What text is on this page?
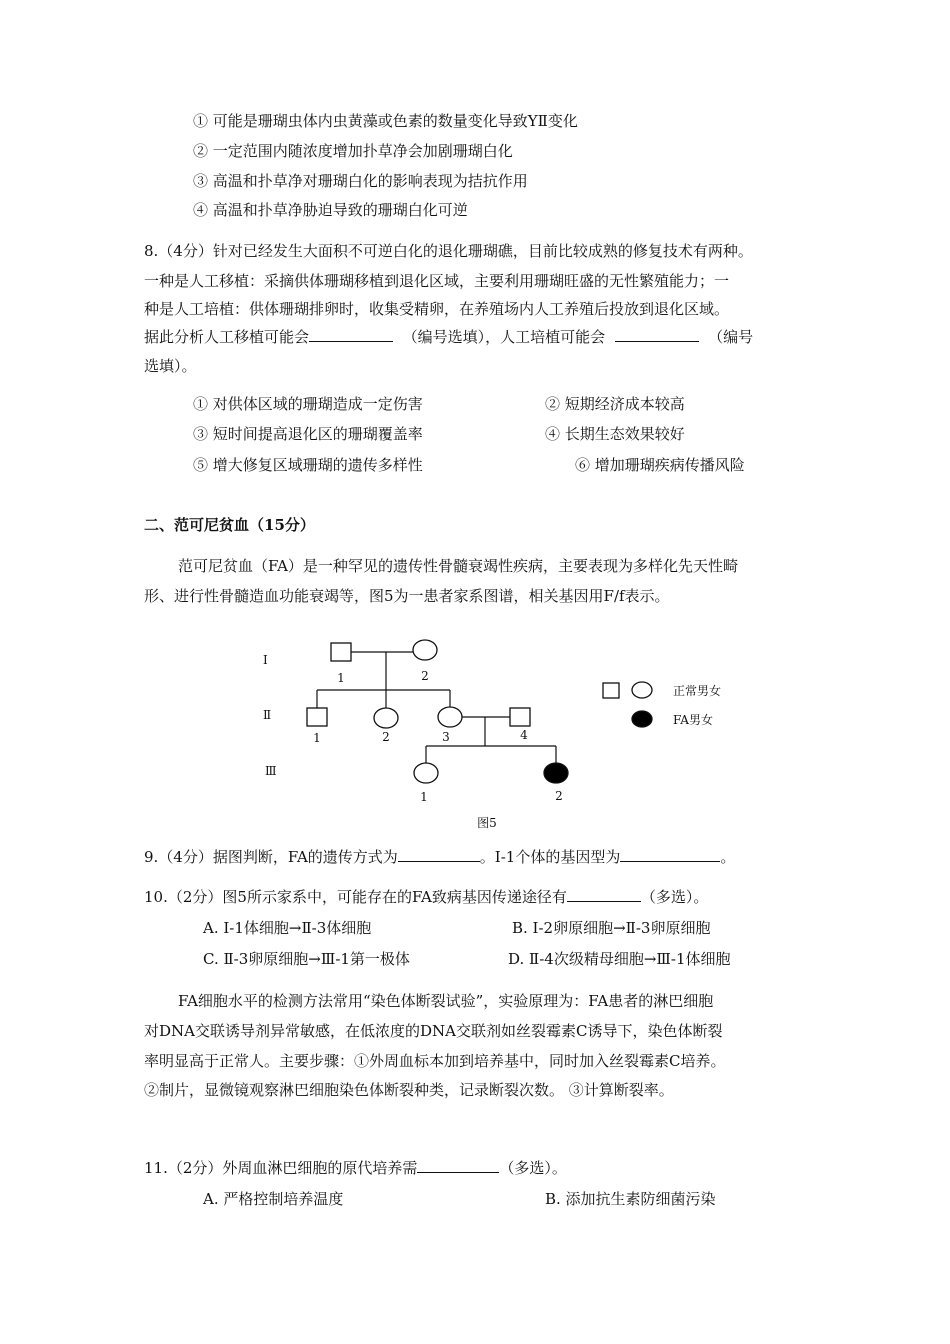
① 可能是珊瑚虫体内虫黄藻或色素的数量变化导致YⅡ变化
② 一定范围内随浓度增加扑草净会加剧珊瑚白化
③ 高温和扑草净对珊瑚白化的影响表现为拮抗作用
④ 高温和扑草净胁迫导致的珊瑚白化可逆
8.（4分）针对已经发生大面积不可逆白化的退化珊瑚礁，目前比较成熟的修复技术有两种。
一种是人工移植：采摘供体珊瑚移植到退化区域，主要利用珊瑚旺盛的无性繁殖能力；一
种是人工培植：供体珊瑚排卵时，收集受精卵，在养殖场内人工养殖后投放到退化区域。
据此分析人工移植可能会	（编号选填），人工培植可能会	（编号
选填）。
① 对供体区域的珊瑚造成一定伤害	② 短期经济成本较高
③ 短时间提高退化区的珊瑚覆盖率	④ 长期生态效果较好
⑤ 增大修复区域珊瑚的遗传多样性	⑥ 增加珊瑚疾病传播风险
二、范可尼贫血（15分）
范可尼贫血（FA）是一种罕见的遗传性骨髓衰竭性疾病，主要表现为多样化先天性畸
形、进行性骨髓造血功能衰竭等，图5为一患者家系图谱，相关基因用F/f表示。
Ⅰ
Ⅱ
Ⅲ
1	2
1	2	3	4
1	2
正常男女
FA男女
图5
9.（4分）据图判断，FA的遗传方式为	。Ⅰ-1个体的基因型为	。
10.（2分）图5所示家系中，可能存在的FA致病基因传递途径有	（多选）。
A. Ⅰ-1体细胞→Ⅱ-3体细胞	B. Ⅰ-2卵原细胞→Ⅱ-3卵原细胞
C. Ⅱ-3卵原细胞→Ⅲ-1第一极体	D. Ⅱ-4次级精母细胞→Ⅲ-1体细胞
FA细胞水平的检测方法常用“染色体断裂试验”，实验原理为：FA患者的淋巴细胞
对DNA交联诱导剂异常敏感，在低浓度的DNA交联剂如丝裂霉素C诱导下，染色体断裂
率明显高于正常人。主要步骤：①外周血标本加到培养基中，同时加入丝裂霉素C培养。
②制片，显微镜观察淋巴细胞染色体断裂种类，记录断裂次数。 ③计算断裂率。
11.（2分）外周血淋巴细胞的原代培养需	（多选）。
A. 严格控制培养温度	B. 添加抗生素防细菌污染
